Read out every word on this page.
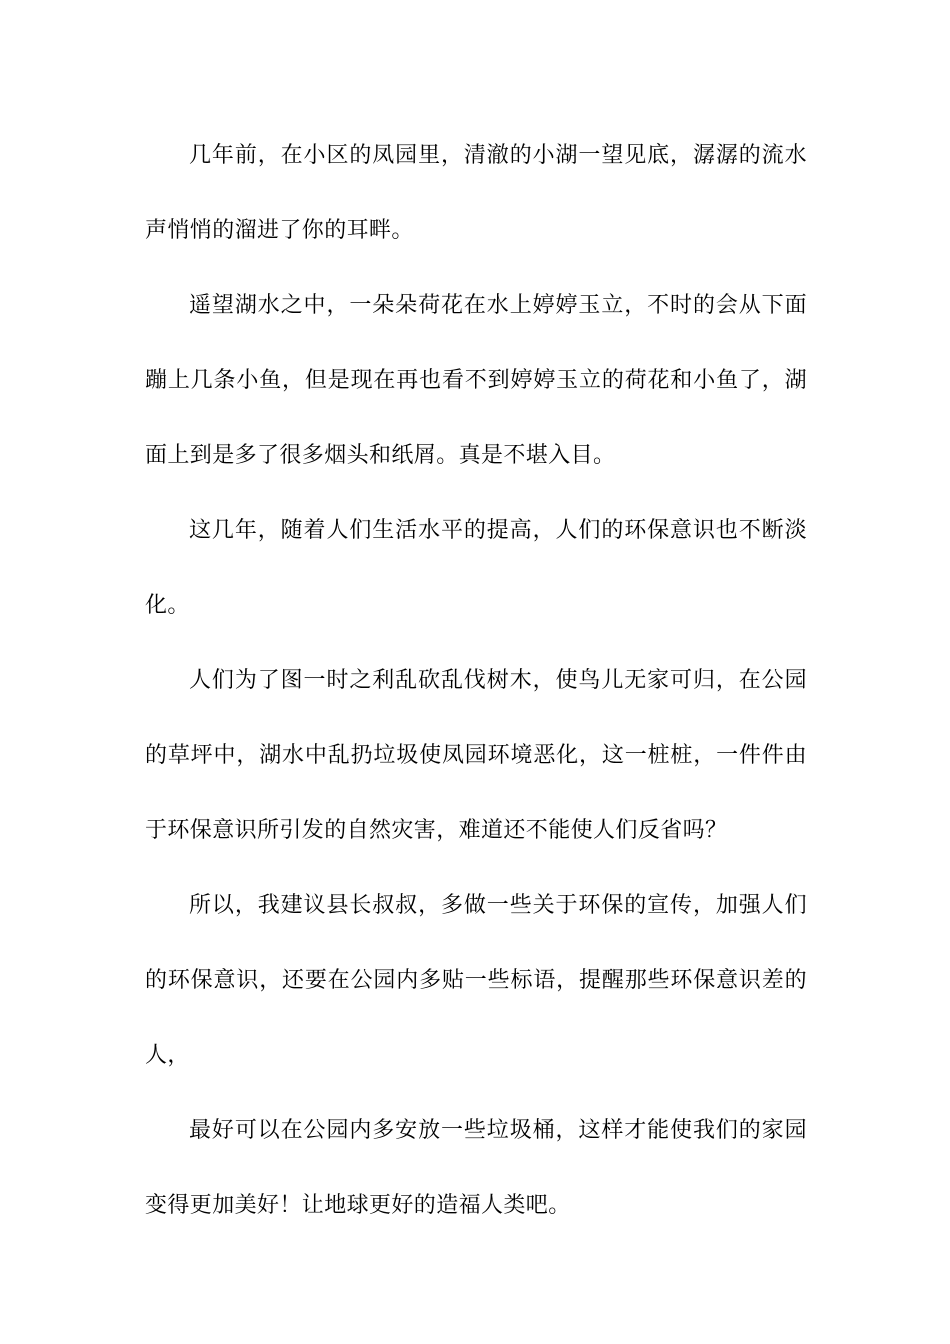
几年前，在小区的凤园里，清澈的小湖一望见底，潺潺的流水声悄悄的溜进了你的耳畔。

遥望湖水之中，一朵朵荷花在水上婷婷玉立，不时的会从下面蹦上几条小鱼，但是现在再也看不到婷婷玉立的荷花和小鱼了，湖面上到是多了很多烟头和纸屑。真是不堪入目。

这几年，随着人们生活水平的提高，人们的环保意识也不断淡化。

人们为了图一时之利乱砍乱伐树木，使鸟儿无家可归，在公园的草坪中，湖水中乱扔垃圾使凤园环境恶化，这一桩桩，一件件由于环保意识所引发的自然灾害，难道还不能使人们反省吗？

所以，我建议县长叔叔，多做一些关于环保的宣传，加强人们的环保意识，还要在公园内多贴一些标语，提醒那些环保意识差的人，

最好可以在公园内多安放一些垃圾桶，这样才能使我们的家园变得更加美好！让地球更好的造福人类吧。
